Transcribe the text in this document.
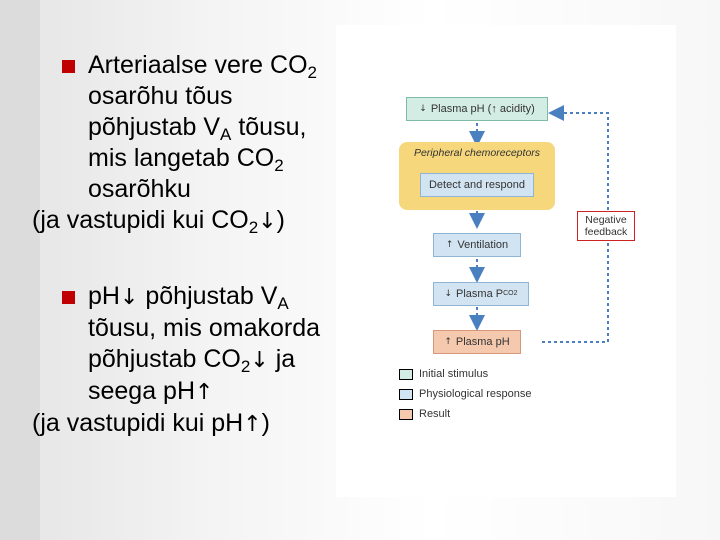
Arteriaalse vere $CO_2$
osarõhu tõus
põhjustab $V_A$ tõusu,
mis langetab $CO_2$
osarõhku
(ja vastupidi kui $CO_2↓$)
pH↓ põhjustab $V_A$
tõusu, mis omakorda
põhjustab $CO_2↓$ ja
seega pH↑
(ja vastupidi kui pH↑)
↓ Plasma pH (↑ acidity)
Peripheral chemoreceptors
Detect and respond
↑ Ventilation
↓ Plasma P CO2
↑ Plasma pH
Negative
feedback
Initial stimulus
Physiological response
Result
